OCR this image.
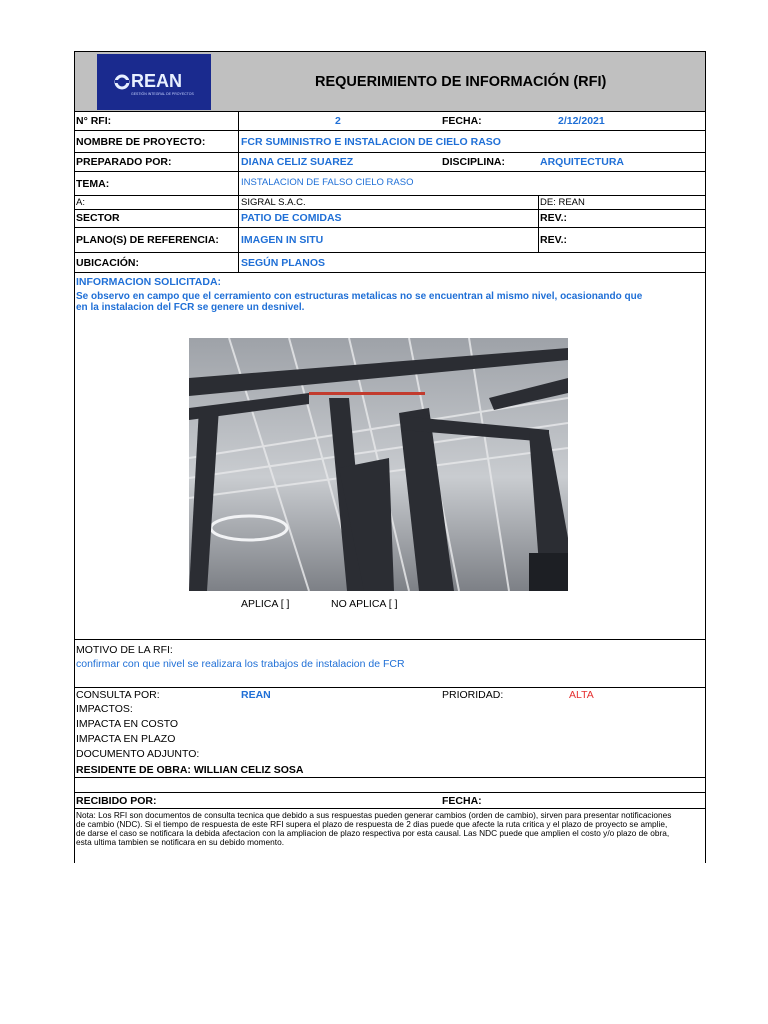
REAN
GESTIÓN INTEGRAL DE PROYECTOS
REQUERIMIENTO DE INFORMACIÓN (RFI)
N° RFI:	2	FECHA:	2/12/2021
NOMBRE DE PROYECTO:	FCR SUMINISTRO E INSTALACION DE CIELO RASO
PREPARADO POR:	DIANA CELIZ SUAREZ	DISCIPLINA:	ARQUITECTURA
TEMA:	INSTALACION DE FALSO CIELO RASO
A:	SIGRAL S.A.C.	DE: REAN
SECTOR	PATIO DE COMIDAS	REV.:
PLANO(S) DE REFERENCIA: IMAGEN IN SITU	REV.:
UBICACIÓN:	SEGÚN PLANOS
INFORMACION SOLICITADA:
Se observo en campo que el cerramiento con estructuras metalicas no se encuentran al mismo nivel, ocasionando que
en la instalacion del FCR se genere un desnivel.
APLICA [ ]	NO APLICA [ ]
MOTIVO DE LA RFI:
confirmar con que nivel se realizara los trabajos de instalacion de FCR
CONSULTA POR:	REAN	PRIORIDAD:	ALTA
IMPACTOS:
IMPACTA EN COSTO
IMPACTA EN PLAZO
DOCUMENTO ADJUNTO:
RESIDENTE DE OBRA: WILLIAN CELIZ SOSA
RECIBIDO POR:	FECHA:
Nota: Los RFI son documentos de consulta tecnica que debido a sus respuestas pueden generar cambios (orden de cambio), sirven para presentar notificaciones
de cambio (NDC). Si el tiempo de respuesta de este RFI supera el plazo de respuesta de 2 dias puede que afecte la ruta critica y el plazo de proyecto se amplie,
de darse el caso se notificara la debida afectacion con la ampliacion de plazo respectiva por esta causal. Las NDC puede que amplien el costo y/o plazo de obra,
esta ultima tambien se notificara en su debido momento.
